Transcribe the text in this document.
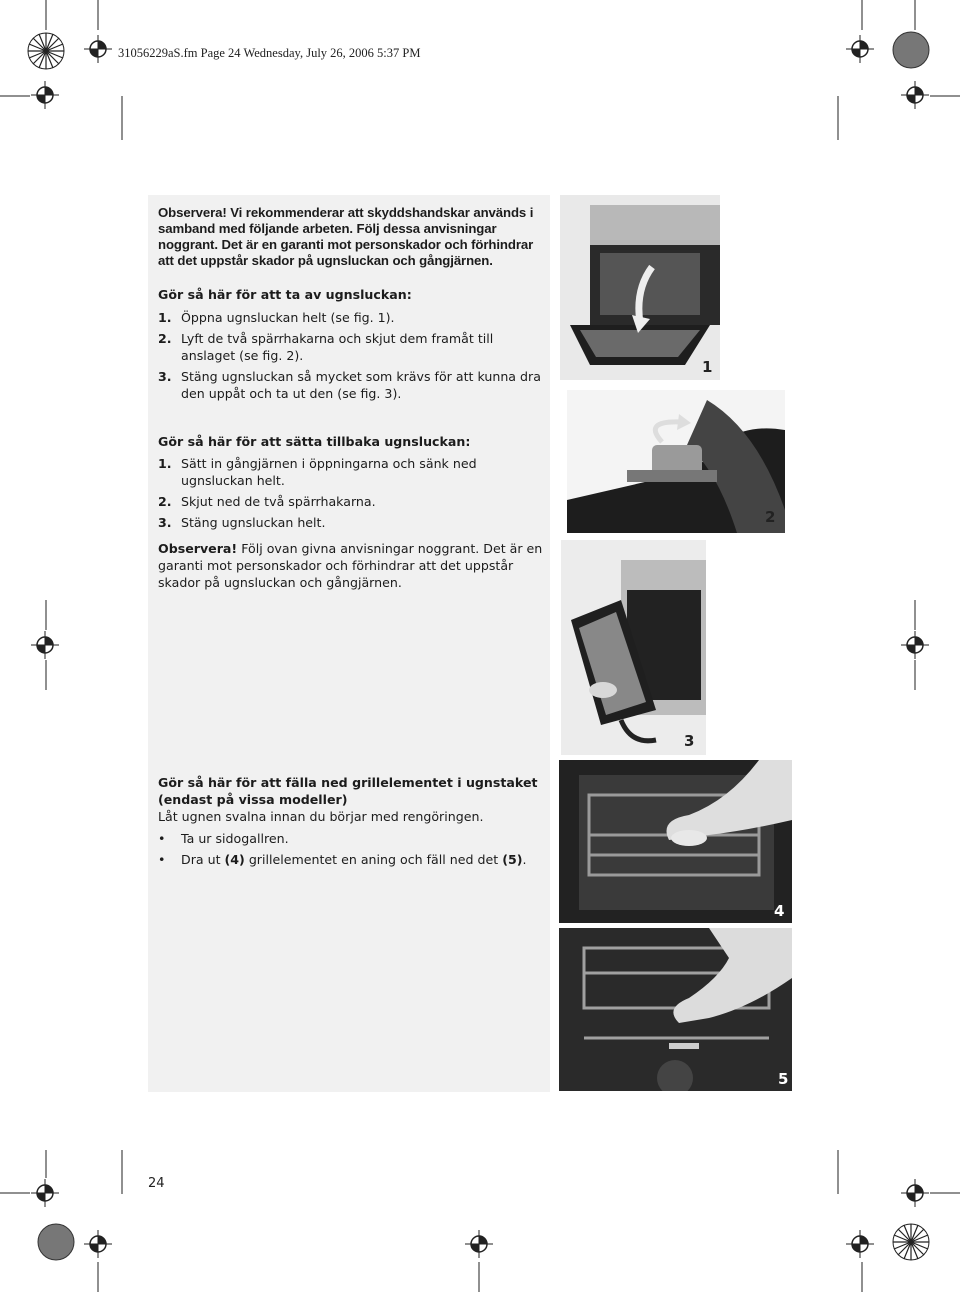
31056229aS.fm Page 24 Wednesday, July 26, 2006 5:37 PM
Observera! Vi rekommenderar att skyddshandskar används i samband med följande arbeten. Följ dessa anvisningar noggrant. Det är en garanti mot personskador och förhindrar att det uppstår skador på ugnsluckan och gångjärnen.
Gör så här för att ta av ugnsluckan:
1. Öppna ugnsluckan helt (se fig. 1).
2. Lyft de två spärrhakarna och skjut dem framåt till anslaget (se fig. 2).
3. Stäng ugnsluckan så mycket som krävs för att kunna dra den uppåt och ta ut den (se fig. 3).
Gör så här för att sätta tillbaka ugnsluckan:
1. Sätt in gångjärnen i öppningarna och sänk ned ugnsluckan helt.
2. Skjut ned de två spärrhakarna.
3. Stäng ugnsluckan helt.
Observera! Följ ovan givna anvisningar noggrant. Det är en garanti mot personskador och förhindrar att det uppstår skador på ugnsluckan och gångjärnen.
Gör så här för att fälla ned grillelementet i ugnstaket (endast på vissa modeller)
Låt ugnen svalna innan du börjar med rengöringen.
• Ta ur sidogallren.
• Dra ut (4) grillelementet en aning och fäll ned det (5).
1
2
3
4
5
24
